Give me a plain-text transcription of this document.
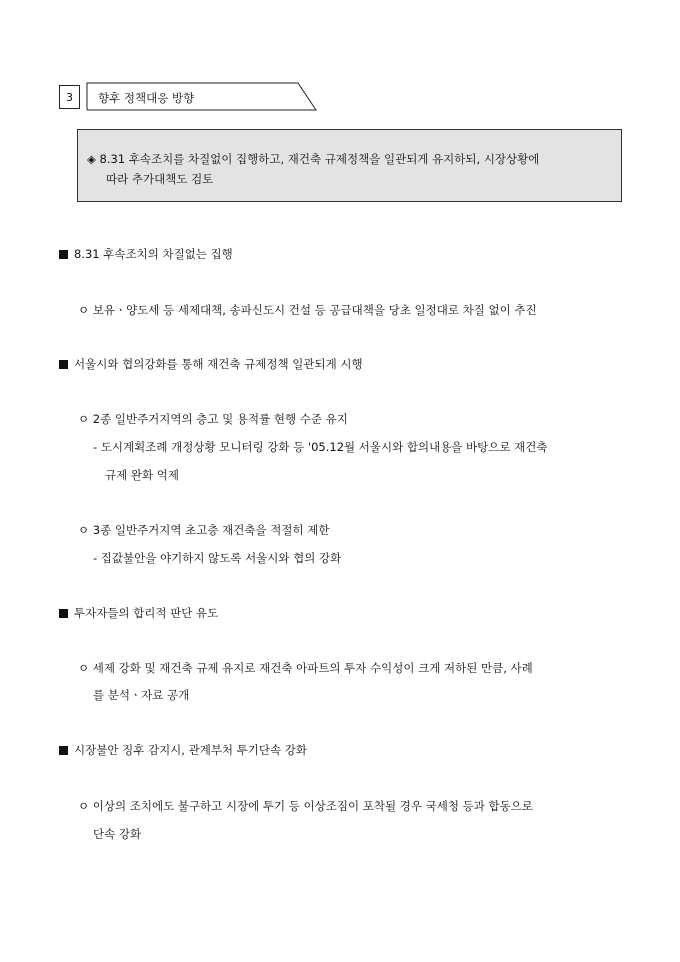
3 향후 정책대응 방향
◈ 8.31 후속조치를 차질없이 집행하고, 재건축 규제정책을 일관되게 유지하되, 시장상황에
따라 추가대책도 검토
8.31 후속조치의 차질없는 집행
ㅇ 보유ㆍ양도세 등 세제대책, 송파신도시 건설 등 공급대책을 당초 일정대로 차질 없이 추진
서울시와 협의강화를 통해 재건축 규제정책 일관되게 시행
ㅇ 2종 일반주거지역의 층고 및 용적률 현행 수준 유지
- 도시계획조례 개정상황 모니터링 강화 등 '05.12월 서울시와 합의내용을 바탕으로 재건축
규제 완화 억제
ㅇ 3종 일반주거지역 초고층 재건축을 적절히 제한
- 집값불안을 야기하지 않도록 서울시와 협의 강화
투자자들의 합리적 판단 유도
ㅇ 세제 강화 및 재건축 규제 유지로 재건축 아파트의 투자 수익성이 크게 저하된 만큼, 사례
를 분석ㆍ자료 공개
시장불안 징후 감지시, 관계부처 투기단속 강화
ㅇ 이상의 조치에도 불구하고 시장에 투기 등 이상조짐이 포착될 경우 국세청 등과 합동으로
단속 강화
